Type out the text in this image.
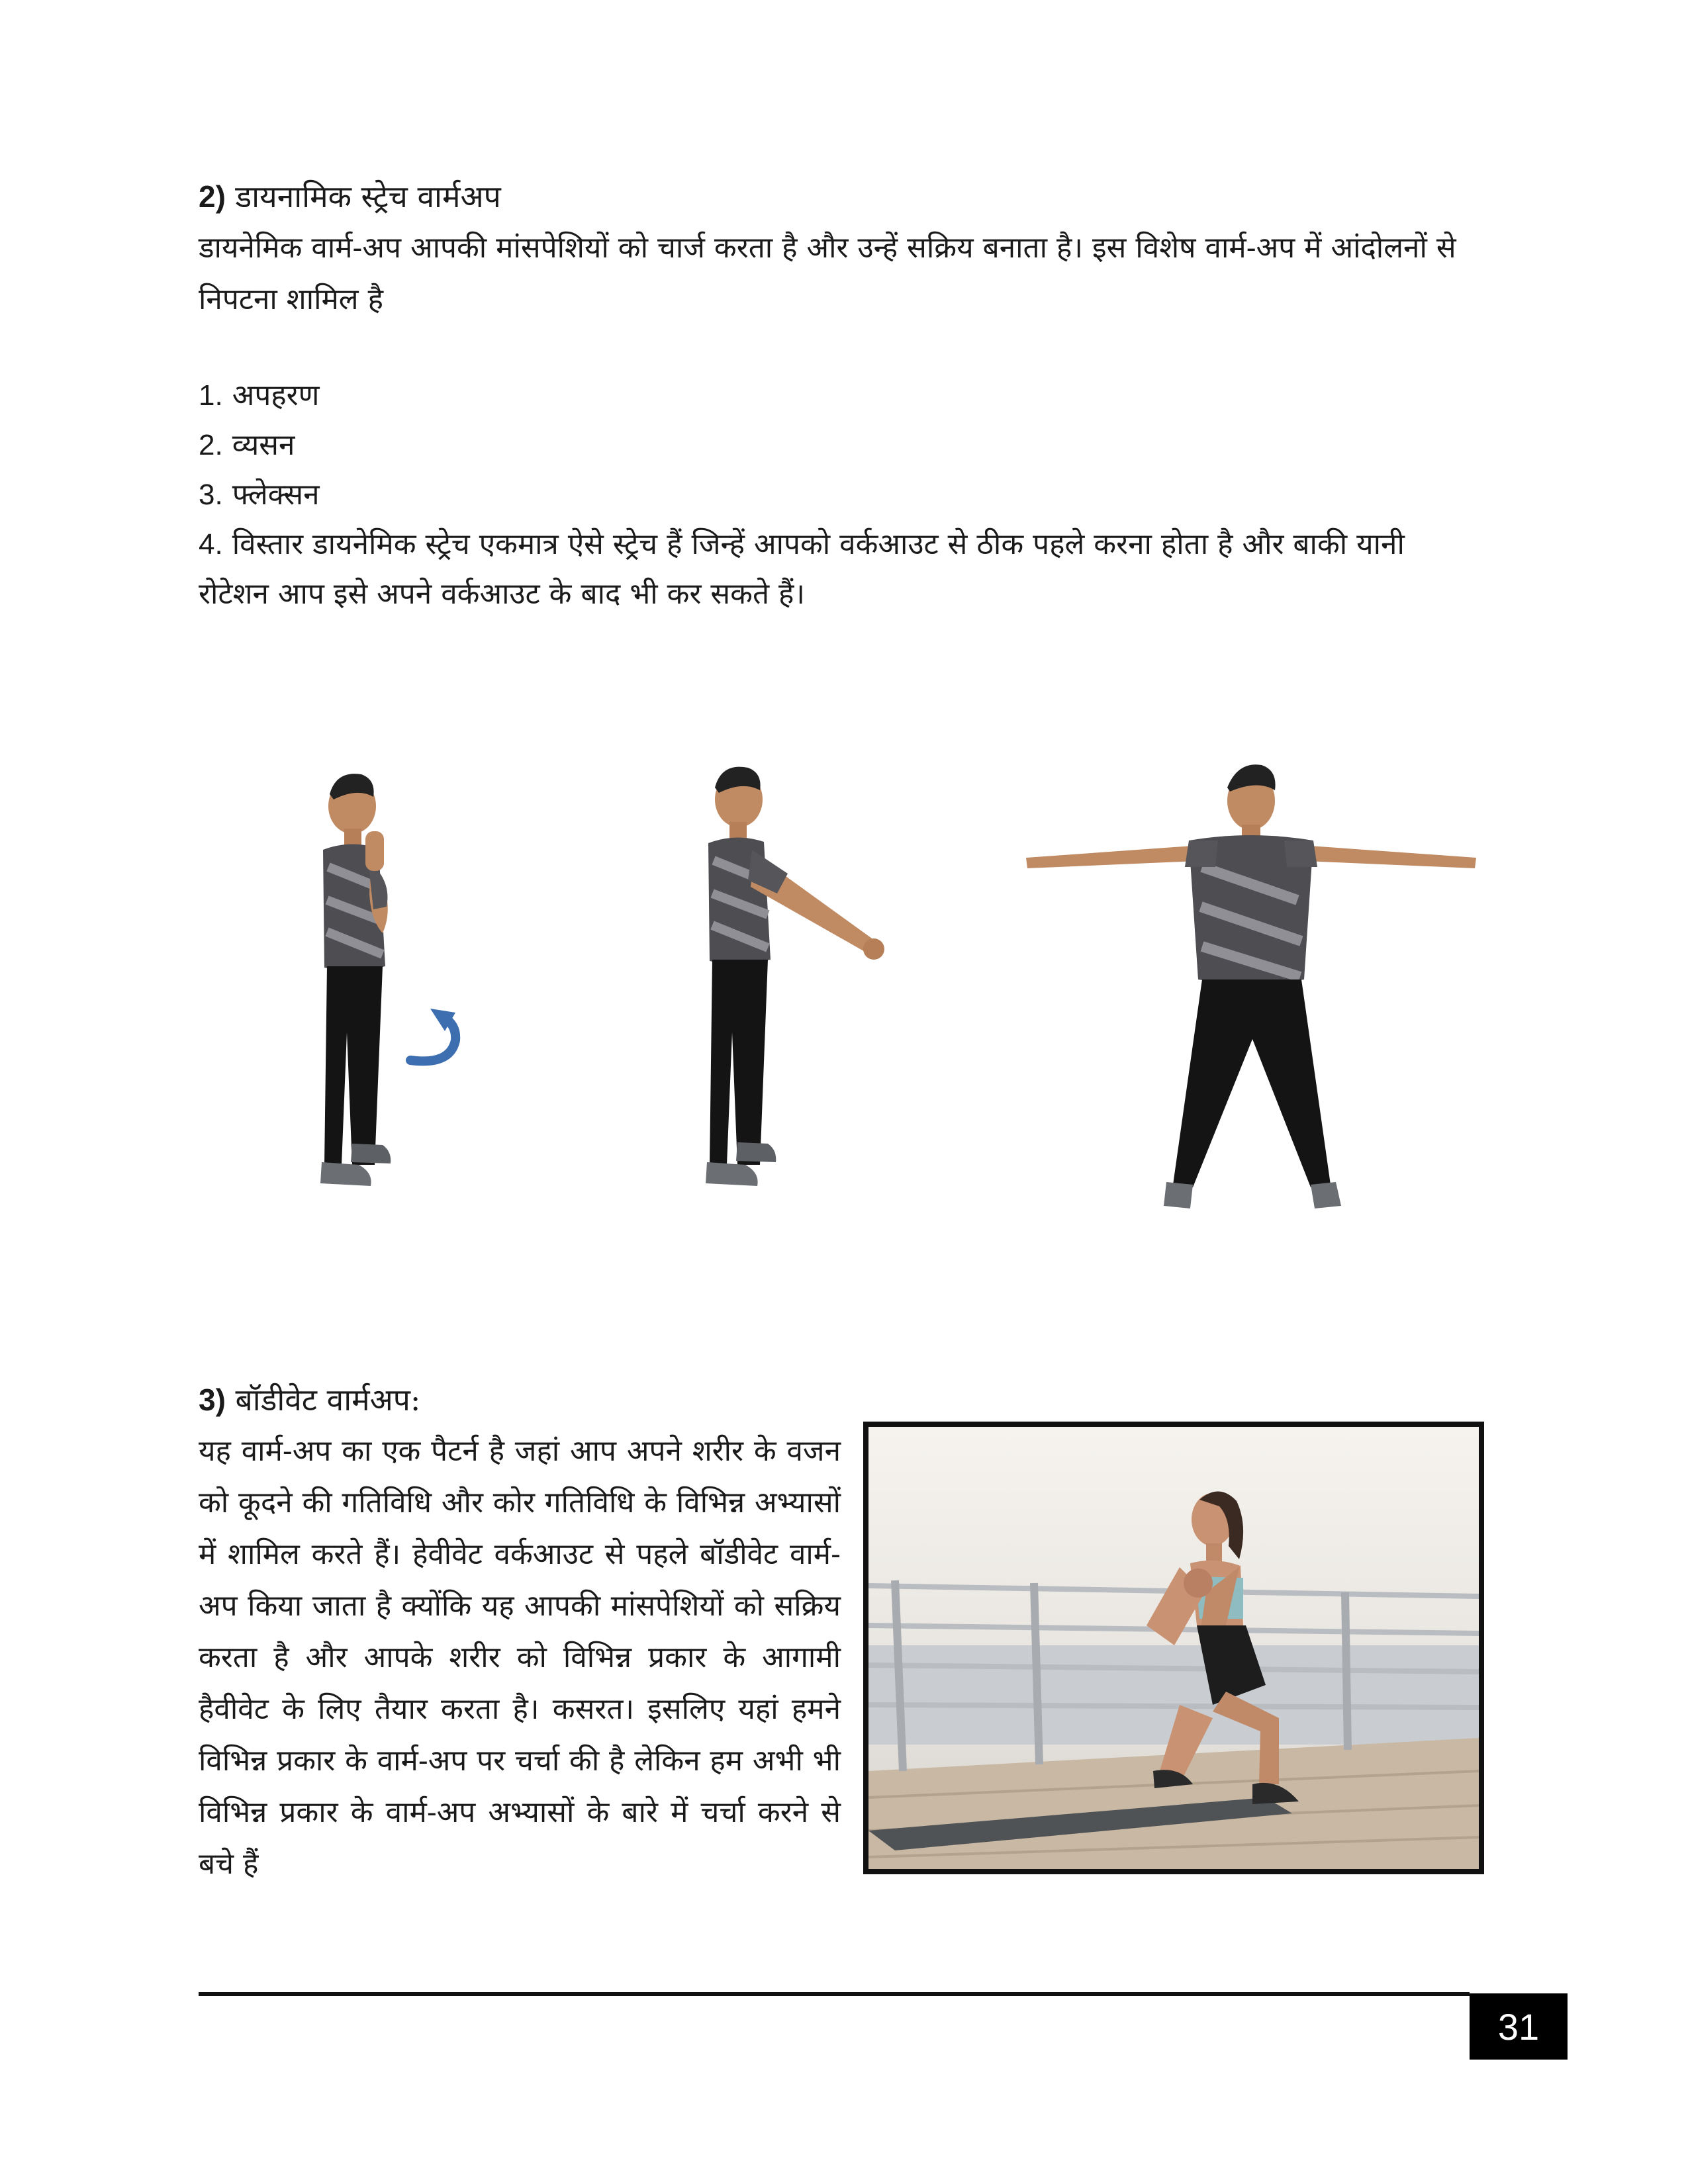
2) डायनामिक स्ट्रेच वार्मअप
डायनेमिक वार्म-अप आपकी मांसपेशियों को चार्ज करता है और उन्हें सक्रिय बनाता है। इस विशेष वार्म-अप में आंदोलनों से निपटना शामिल है
1. अपहरण
2. व्यसन
3. फ्लेक्सन
4. विस्तार डायनेमिक स्ट्रेच एकमात्र ऐसे स्ट्रेच हैं जिन्हें आपको वर्कआउट से ठीक पहले करना होता है और बाकी यानी रोटेशन आप इसे अपने वर्कआउट के बाद भी कर सकते हैं।
3) बॉडीवेट वार्मअप:
यह वार्म-अप का एक पैटर्न है जहां आप अपने शरीर के वजन को कूदने की गतिविधि और कोर गतिविधि के विभिन्न अभ्यासों में शामिल करते हैं। हेवीवेट वर्कआउट से पहले बॉडीवेट वार्म-अप किया जाता है क्योंकि यह आपकी मांसपेशियों को सक्रिय करता है और आपके शरीर को विभिन्न प्रकार के आगामी हैवीवेट के लिए तैयार करता है। कसरत। इसलिए यहां हमने विभिन्न प्रकार के वार्म-अप पर चर्चा की है लेकिन हम अभी भी विभिन्न प्रकार के वार्म-अप अभ्यासों के बारे में चर्चा करने से बचे हैं
31
